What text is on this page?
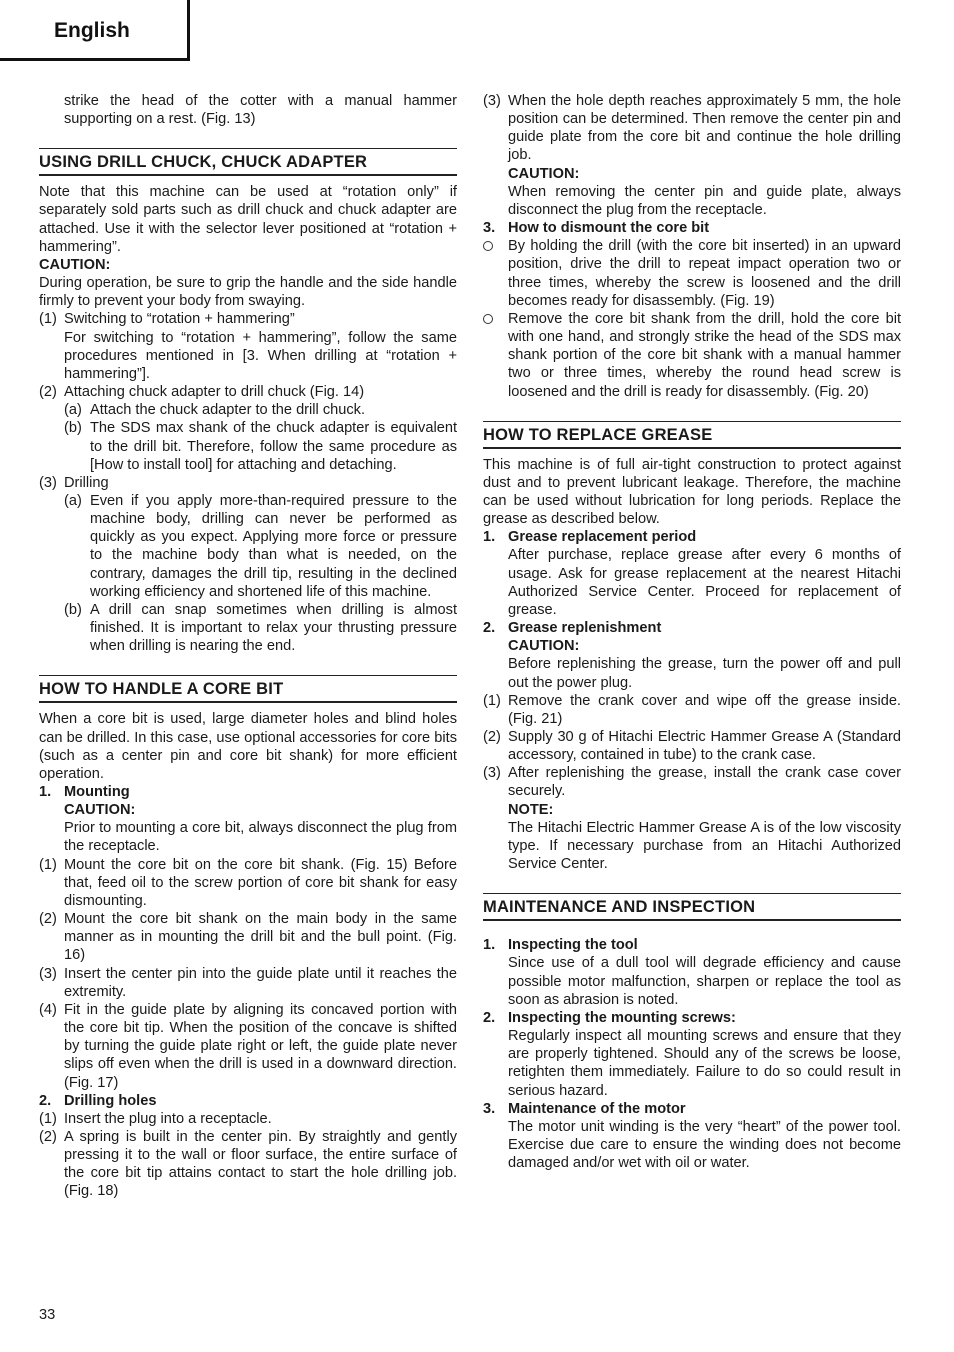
English

strike the head of the cotter with a manual hammer supporting on a rest. (Fig. 13)

USING DRILL CHUCK, CHUCK ADAPTER

Note that this machine can be used at “rotation only” if separately sold parts such as drill chuck and chuck adapter are attached. Use it with the selector lever positioned at “rotation + hammering”.

CAUTION:

During operation, be sure to grip the handle and the side handle firmly to prevent your body from swaying.

(1) Switching to “rotation + hammering”
For switching to “rotation + hammering”, follow the same procedures mentioned in [3. When drilling at “rotation + hammering”].
(2) Attaching chuck adapter to drill chuck (Fig. 14)
(a) Attach the chuck adapter to the drill chuck.
(b) The SDS max shank of the chuck adapter is equivalent to the drill bit. Therefore, follow the same procedure as [How to install tool] for attaching and detaching.
(3) Drilling
(a) Even if you apply more-than-required pressure to the machine body, drilling can never be performed as quickly as you expect. Applying more force or pressure to the machine body than what is needed, on the contrary, damages the drill tip, resulting in the declined working efficiency and shortened life of this machine.
(b) A drill can snap sometimes when drilling is almost finished. It is important to relax your thrusting pressure when drilling is nearing the end.
HOW TO HANDLE A CORE BIT

When a core bit is used, large diameter holes and blind holes can be drilled. In this case, use optional accessories for core bits (such as a center pin and core bit shank) for more efficient operation.

1. Mounting

CAUTION:

Prior to mounting a core bit, always disconnect the plug from the receptacle.

(1) Mount the core bit on the core bit shank. (Fig. 15) Before that, feed oil to the screw portion of core bit shank for easy dismounting.
(2) Mount the core bit shank on the main body in the same manner as in mounting the drill bit and the bull point. (Fig. 16)
(3) Insert the center pin into the guide plate until it reaches the extremity.
(4) Fit in the guide plate by aligning its concaved portion with the core bit tip. When the position of the concave is shifted by turning the guide plate right or left, the guide plate never slips off even when the drill is used in a downward direction. (Fig. 17)
2. Drilling holes
(1) Insert the plug into a receptacle.
(2) A spring is built in the center pin. By straightly and gently pressing it to the wall or floor surface, the entire surface of the core bit tip attains contact to start the hole drilling job. (Fig. 18)
(3) When the hole depth reaches approximately 5 mm, the hole position can be determined. Then remove the center pin and guide plate from the core bit and continue the hole drilling job.
CAUTION:
When removing the center pin and guide plate, always disconnect the plug from the receptacle.
3. How to dismount the core bit
By holding the drill (with the core bit inserted) in an upward position, drive the drill to repeat impact operation two or three times, whereby the screw is loosened and the drill becomes ready for disassembly. (Fig. 19)
Remove the core bit shank from the drill, hold the core bit with one hand, and strongly strike the head of the SDS max shank portion of the core bit shank with a manual hammer two or three times, whereby the round head screw is loosened and the drill is ready for disassembly. (Fig. 20)
HOW TO REPLACE GREASE

This machine is of full air-tight construction to protect against dust and to prevent lubricant leakage. Therefore, the machine can be used without lubrication for long periods. Replace the grease as described below.

1. Grease replacement period

After purchase, replace grease after every 6 months of usage. Ask for grease replacement at the nearest Hitachi Authorized Service Center. Proceed for replacement of grease.

2. Grease replenishment

CAUTION:

Before replenishing the grease, turn the power off and pull out the power plug.

(1) Remove the crank cover and wipe off the grease inside. (Fig. 21)
(2) Supply 30 g of Hitachi Electric Hammer Grease A (Standard accessory, contained in tube) to the crank case.
(3) After replenishing the grease, install the crank case cover securely.
NOTE:
The Hitachi Electric Hammer Grease A is of the low viscosity type. If necessary purchase from an Hitachi Authorized Service Center.
MAINTENANCE AND INSPECTION
1. Inspecting the tool

Since use of a dull tool will degrade efficiency and cause possible motor malfunction, sharpen or replace the tool as soon as abrasion is noted.

2. Inspecting the mounting screws:

Regularly inspect all mounting screws and ensure that they are properly tightened. Should any of the screws be loose, retighten them immediately. Failure to do so could result in serious hazard.

3. Maintenance of the motor

The motor unit winding is the very “heart” of the power tool. Exercise due care to ensure the winding does not become damaged and/or wet with oil or water.

33
